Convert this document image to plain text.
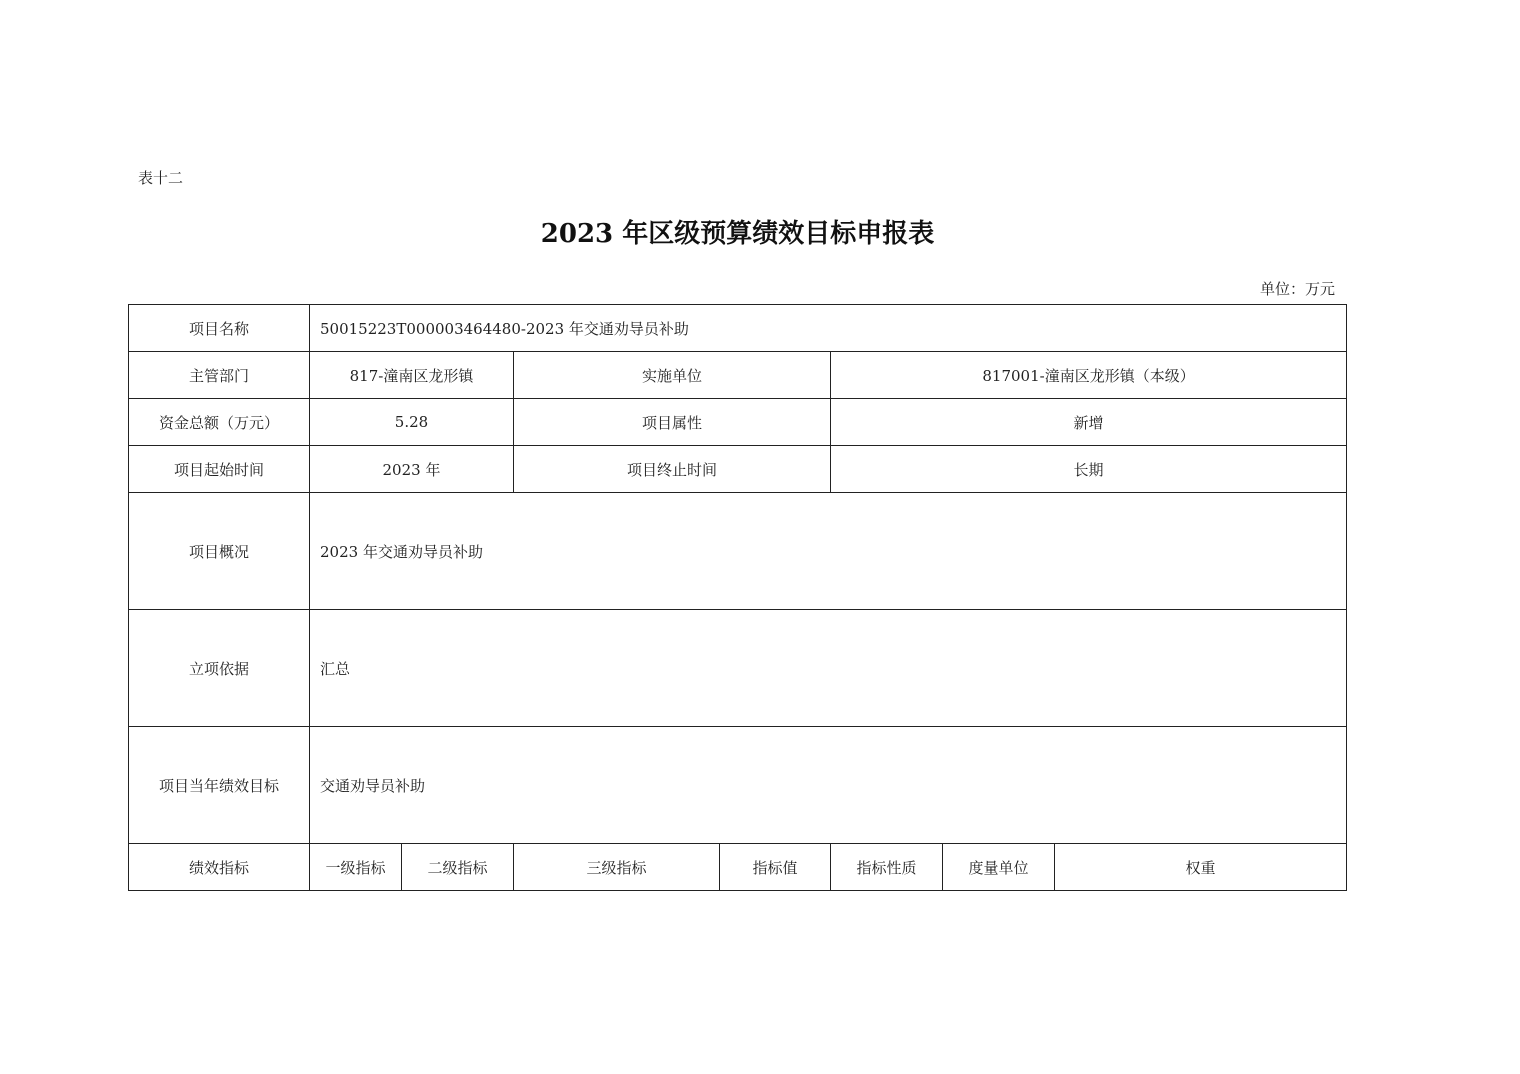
表十二
2023 年区级预算绩效目标申报表
单位：万元
项目名称	50015223T000003464480-2023 年交通劝导员补助						
主管部门	817-潼南区龙形镇		实施单位		817001-潼南区龙形镇（本级）		
资金总额（万元）	5.28		项目属性		新增		
项目起始时间	2023 年		项目终止时间		长期		
项目概况	2023 年交通劝导员补助						
立项依据	汇总						
项目当年绩效目标	交通劝导员补助						
绩效指标	一级指标	二级指标	三级指标	指标值	指标性质	度量单位	权重
